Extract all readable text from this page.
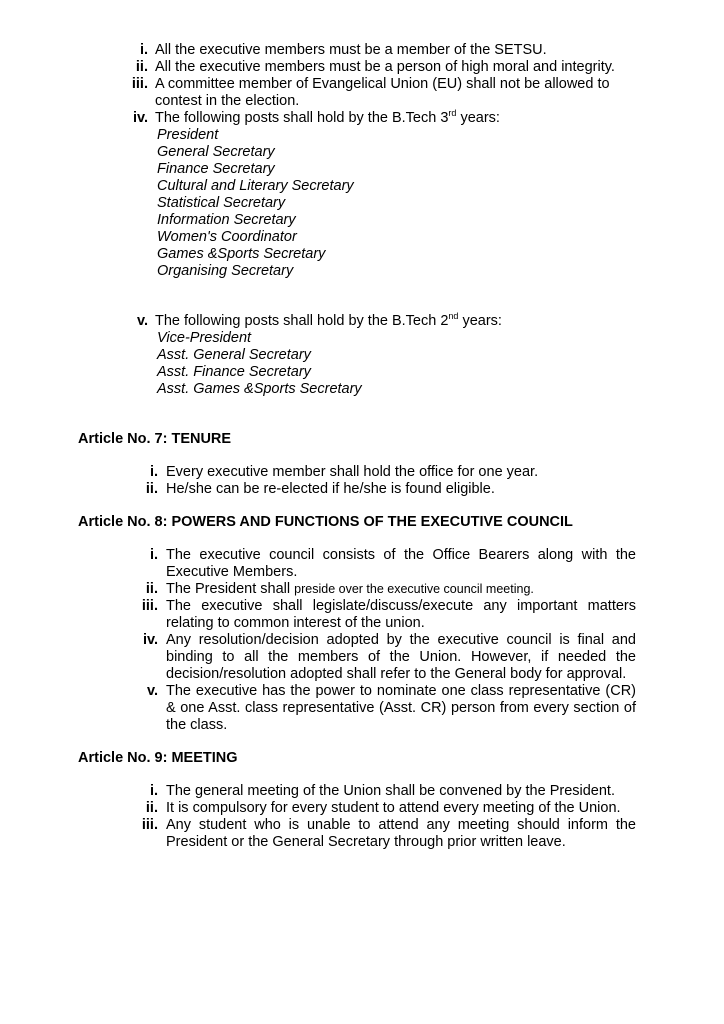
i. All the executive members must be a member of the SETSU.
ii. All the executive members must be a person of high moral and integrity.
iii. A committee member of Evangelical Union (EU) shall not be allowed to
contest in the election.
iv. The following posts shall hold by the B.Tech 3rd years:
President
General Secretary
Finance Secretary
Cultural and Literary Secretary
Statistical Secretary
Information Secretary
Women's Coordinator
Games &Sports Secretary
Organising Secretary
v. The following posts shall hold by the B.Tech 2nd years:
Vice-President
Asst. General Secretary
Asst. Finance Secretary
Asst. Games &Sports Secretary
Article No. 7: TENURE
i. Every executive member shall hold the office for one year.
ii. He/she can be re-elected if he/she is found eligible.
Article No. 8: POWERS AND FUNCTIONS OF THE EXECUTIVE COUNCIL
i. The executive council consists of the Office Bearers along with the
Executive Members.
ii. The President shall preside over the executive council meeting.
iii. The executive shall legislate/discuss/execute any important matters
relating to common interest of the union.
iv. Any resolution/decision adopted by the executive council is final and
binding to all the members of the Union. However, if needed the
decision/resolution adopted shall refer to the General body for approval.
v. The executive has the power to nominate one class representative (CR)
& one Asst. class representative (Asst. CR) person from every section of
the class.
Article No. 9: MEETING
i. The general meeting of the Union shall be convened by the President.
ii. It is compulsory for every student to attend every meeting of the Union.
iii. Any student who is unable to attend any meeting should inform the
President or the General Secretary through prior written leave.
